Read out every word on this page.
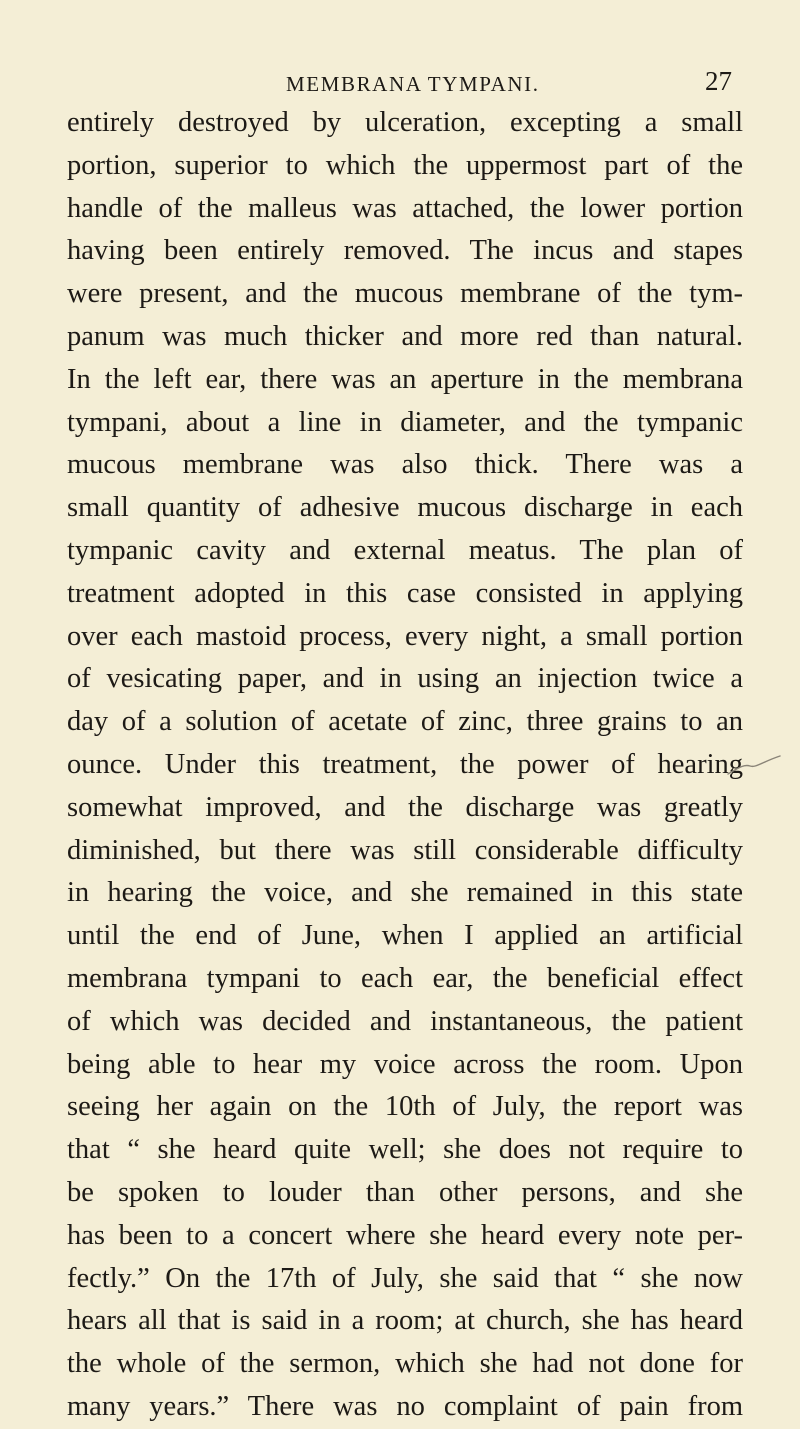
MEMBRANA TYMPANI.	27
entirely destroyed by ulceration, excepting a small
portion, superior to which the uppermost part of the
handle of the malleus was attached, the lower portion
having been entirely removed. The incus and stapes
were present, and the mucous membrane of the tym-
panum was much thicker and more red than natural.
In the left ear, there was an aperture in the membrana
tympani, about a line in diameter, and the tympanic
mucous membrane was also thick. There was a
small quantity of adhesive mucous discharge in each
tympanic cavity and external meatus. The plan of
treatment adopted in this case consisted in applying
over each mastoid process, every night, a small portion
of vesicating paper, and in using an injection twice a
day of a solution of acetate of zinc, three grains to an
ounce. Under this treatment, the power of hearing
somewhat improved, and the discharge was greatly
diminished, but there was still considerable difficulty
in hearing the voice, and she remained in this state
until the end of June, when I applied an artificial
membrana tympani to each ear, the beneficial effect
of which was decided and instantaneous, the patient
being able to hear my voice across the room. Upon
seeing her again on the 10th of July, the report was
that “ she heard quite well; she does not require to
be spoken to louder than other persons, and she
has been to a concert where she heard every note per-
fectly.” On the 17th of July, she said that “ she now
hears all that is said in a room; at church, she has heard
the whole of the sermon, which she had not done for
many years.” There was no complaint of pain from
